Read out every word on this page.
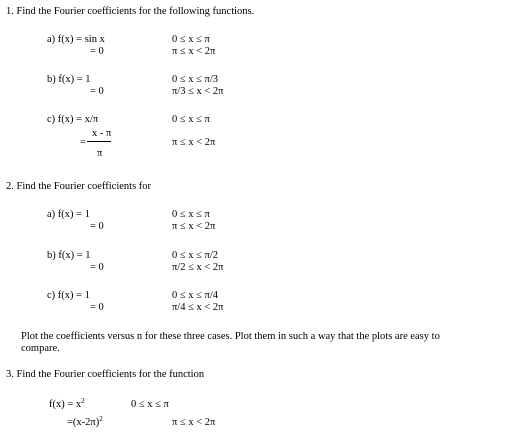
1. Find the Fourier coefficients for the following functions.
a) f(x) = sin x
= 0
0 ≤ x ≤ π
π ≤ x < 2π
b) f(x) = 1
= 0
0 ≤ x ≤ π/3
π/3 ≤ x < 2π
c) f(x) = x/π
x - π
=
π
0 ≤ x ≤ π
π ≤ x < 2π
2. Find the Fourier coefficients for
a) f(x) = 1
= 0
0 ≤ x ≤ π
π ≤ x < 2π
b) f(x) = 1
= 0
0 ≤ x ≤ π/2
π/2 ≤ x < 2π
c) f(x) = 1
= 0
0 ≤ x ≤ π/4
π/4 ≤ x < 2π
Plot the coefficients versus n for these three cases. Plot them in such a way that the plots are easy to
compare.
3. Find the Fourier coefficients for the function
$f(x) = x^2$
$=(x-2\pi)^2$
0 ≤ x ≤ π
π ≤ x < 2π
